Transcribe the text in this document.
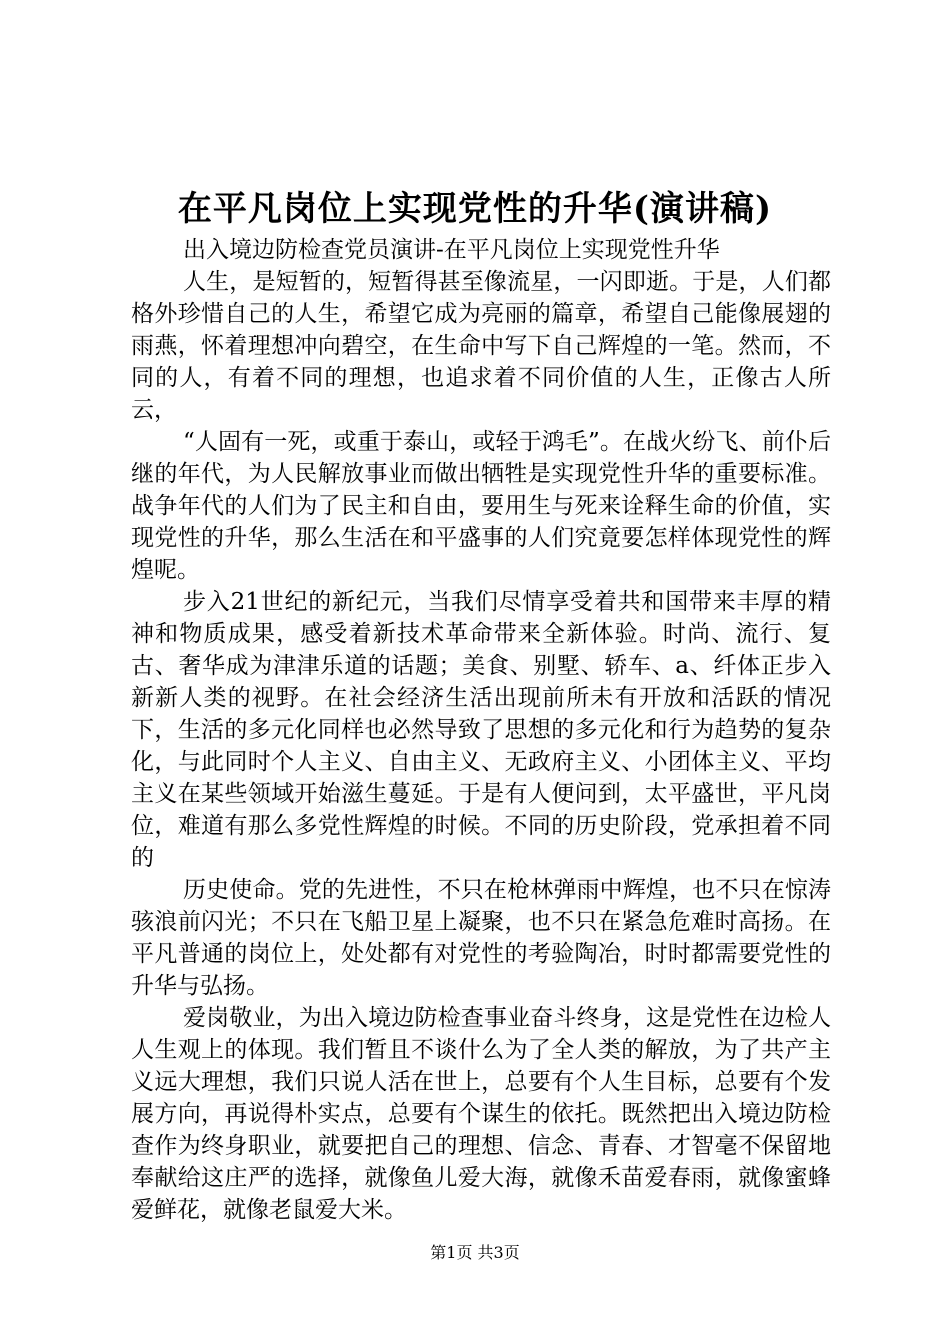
在平凡岗位上实现党性的升华(演讲稿)

出入境边防检查党员演讲-在平凡岗位上实现党性升华

人生，是短暂的，短暂得甚至像流星，一闪即逝。于是，人们都格外珍惜自己的人生，希望它成为亮丽的篇章，希望自己能像展翅的雨燕，怀着理想冲向碧空，在生命中写下自己辉煌的一笔。然而，不同的人，有着不同的理想，也追求着不同价值的人生，正像古人所云，

“人固有一死，或重于泰山，或轻于鸿毛”。在战火纷飞、前仆后继的年代，为人民解放事业而做出牺牲是实现党性升华的重要标准。战争年代的人们为了民主和自由，要用生与死来诠释生命的价值，实现党性的升华，那么生活在和平盛事的人们究竟要怎样体现党性的辉煌呢。

步入21世纪的新纪元，当我们尽情享受着共和国带来丰厚的精神和物质成果，感受着新技术革命带来全新体验。时尚、流行、复古、奢华成为津津乐道的话题；美食、别墅、轿车、a、纤体正步入新新人类的视野。在社会经济生活出现前所未有开放和活跃的情况下，生活的多元化同样也必然导致了思想的多元化和行为趋势的复杂化，与此同时个人主义、自由主义、无政府主义、小团体主义、平均主义在某些领域开始滋生蔓延。于是有人便问到，太平盛世，平凡岗位，难道有那么多党性辉煌的时候。不同的历史阶段，党承担着不同的

历史使命。党的先进性，不只在枪林弹雨中辉煌，也不只在惊涛骇浪前闪光；不只在飞船卫星上凝聚，也不只在紧急危难时高扬。在平凡普通的岗位上，处处都有对党性的考验陶冶，时时都需要党性的升华与弘扬。

爱岗敬业，为出入境边防检查事业奋斗终身，这是党性在边检人人生观上的体现。我们暂且不谈什么为了全人类的解放，为了共产主义远大理想，我们只说人活在世上，总要有个人生目标，总要有个发展方向，再说得朴实点，总要有个谋生的依托。既然把出入境边防检查作为终身职业，就要把自己的理想、信念、青春、才智毫不保留地奉献给这庄严的选择，就像鱼儿爱大海，就像禾苗爱春雨，就像蜜蜂爱鲜花，就像老鼠爱大米。

第1页 共3页
